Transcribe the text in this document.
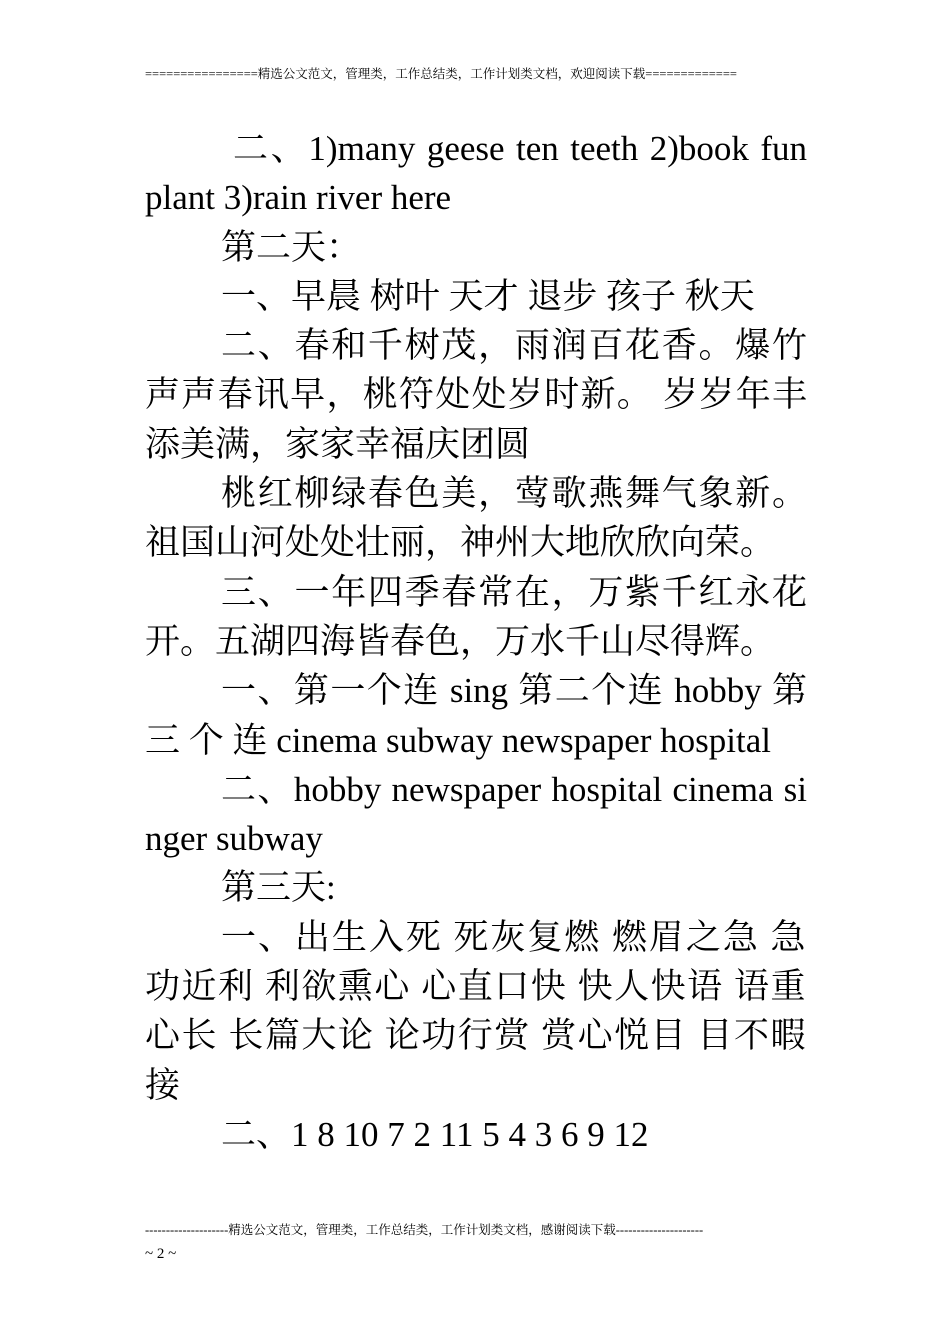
================精选公文范文，管理类，工作总结类，工作计划类文档，欢迎阅读下载=============

二、1)many geese ten teeth 2)book fun plant 3)rain river here

第二天：

一、早晨 树叶 天才 退步 孩子 秋天

二、春和千树茂，雨润百花香。爆竹声声春讯早，桃符处处岁时新。 岁岁年丰添美满，家家幸福庆团圆

桃红柳绿春色美，莺歌燕舞气象新。祖国山河处处壮丽，神州大地欣欣向荣。

三、一年四季春常在，万紫千红永花开。五湖四海皆春色，万水千山尽得辉。

一、第一个连 sing 第二个连 hobby 第 三 个 连 cinema subway newspaper hospital

二、hobby newspaper hospital cinema singer subway

第三天:

一、出生入死 死灰复燃 燃眉之急 急功近利 利欲熏心 心直口快 快人快语 语重心长 长篇大论 论功行赏 赏心悦目 目不暇接

二、1 8 10 7 2 11 5 4 3 6 9 12

--------------------精选公文范文，管理类，工作总结类，工作计划类文档，感谢阅读下载---------------------
~ 2 ~
